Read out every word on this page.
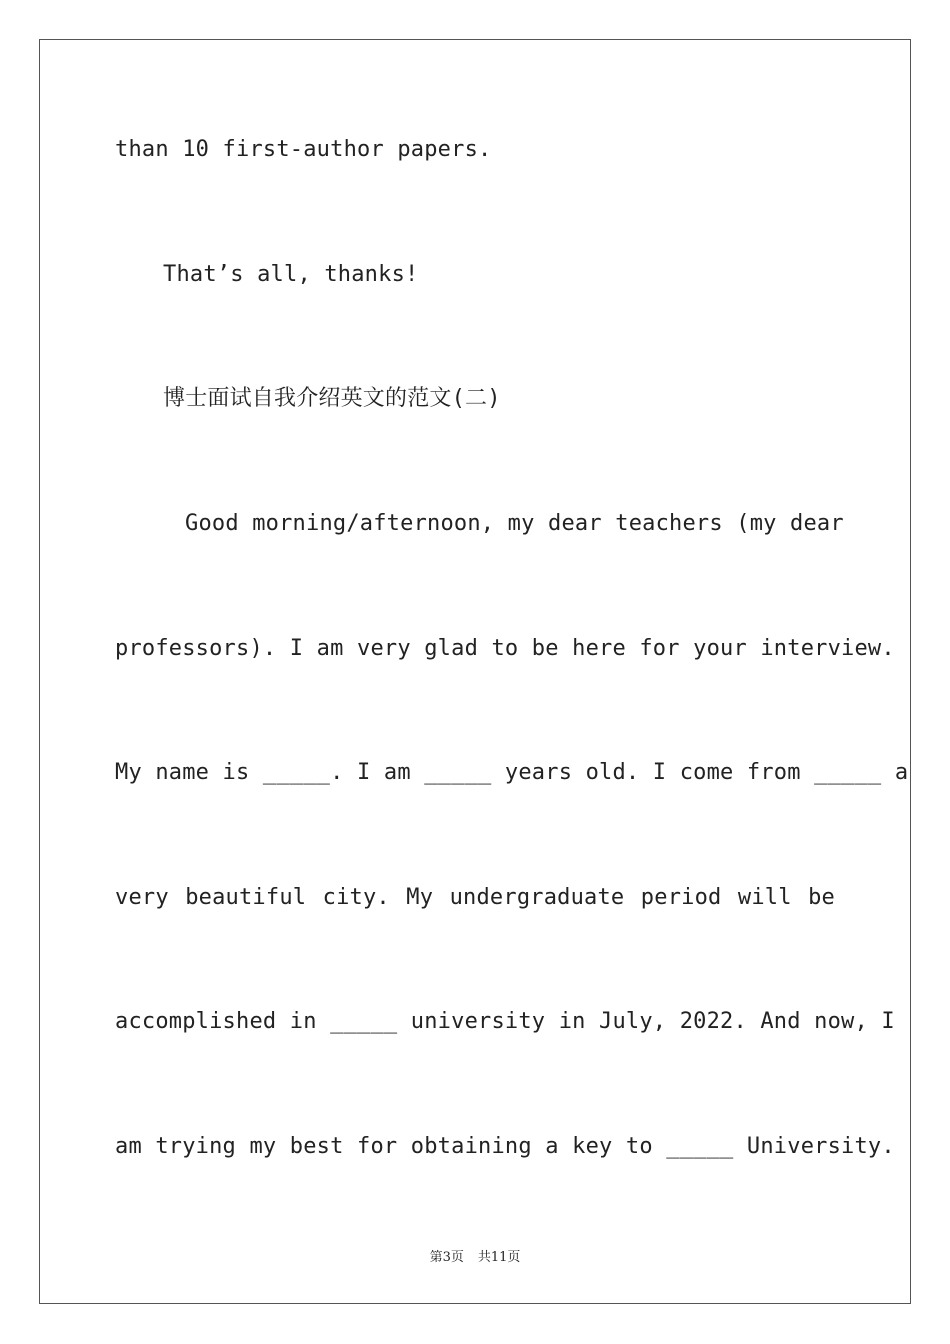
than 10 first-author papers.
That’s all, thanks!
博士面试自我介绍英文的范文(二)
Good morning/afternoon, my dear teachers (my dear
professors). I am very glad to be here for your interview.
My name is _____. I am _____ years old. I come from _____ a
very beautiful city. My undergraduate period will be
accomplished in _____ university in July, 2022. And now, I
am trying my best for obtaining a key to _____ University.
第3页 共11页
